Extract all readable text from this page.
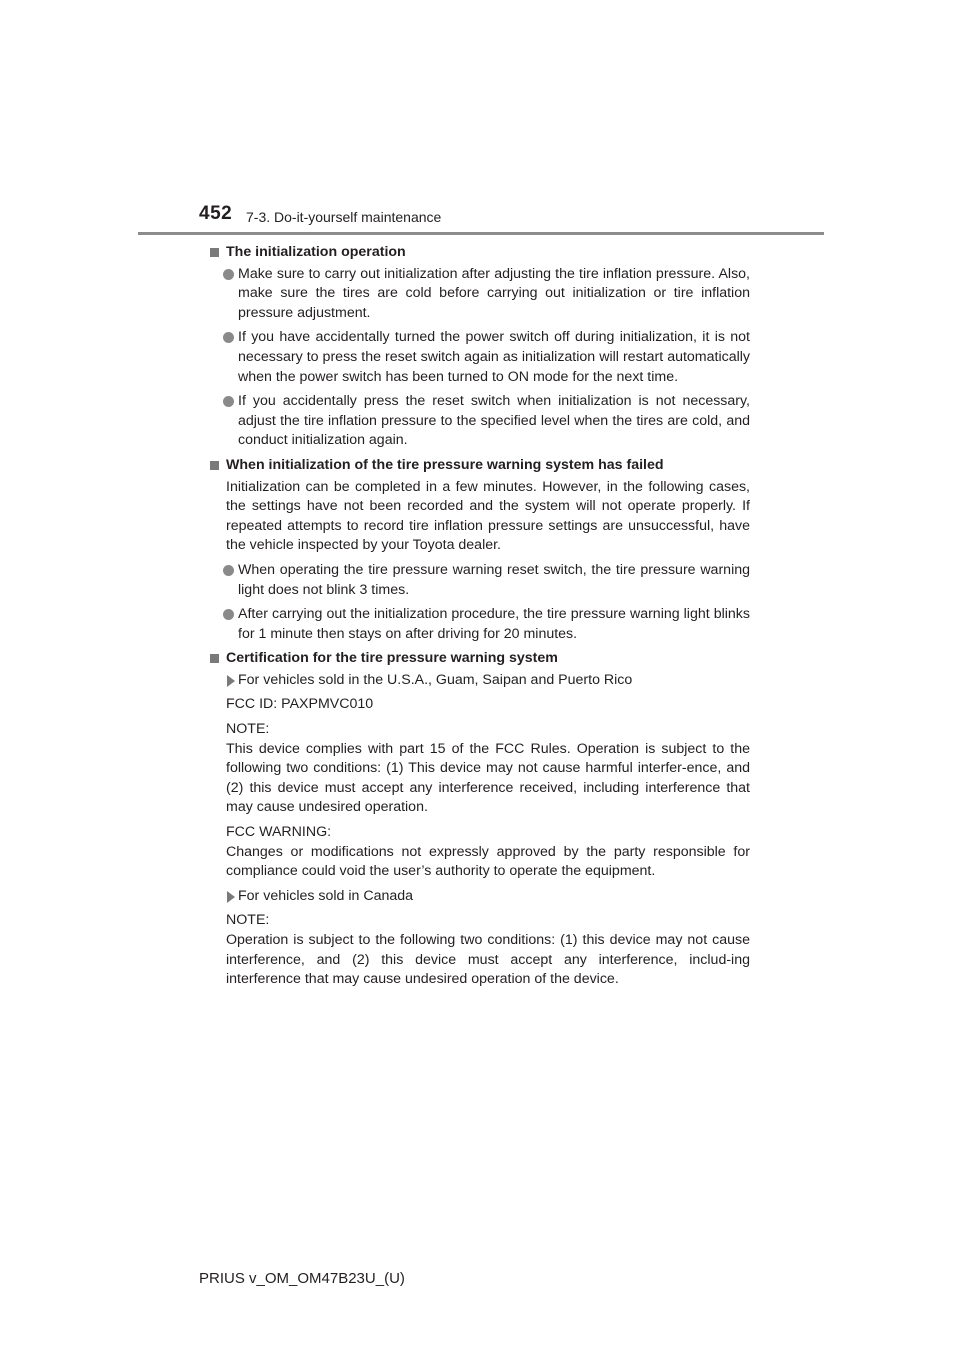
452 7-3. Do-it-yourself maintenance
The initialization operation
Make sure to carry out initialization after adjusting the tire inflation pressure. Also, make sure the tires are cold before carrying out initialization or tire inflation pressure adjustment.
If you have accidentally turned the power switch off during initialization, it is not necessary to press the reset switch again as initialization will restart automatically when the power switch has been turned to ON mode for the next time.
If you accidentally press the reset switch when initialization is not necessary, adjust the tire inflation pressure to the specified level when the tires are cold, and conduct initialization again.
When initialization of the tire pressure warning system has failed
Initialization can be completed in a few minutes. However, in the following cases, the settings have not been recorded and the system will not operate properly. If repeated attempts to record tire inflation pressure settings are unsuccessful, have the vehicle inspected by your Toyota dealer.
When operating the tire pressure warning reset switch, the tire pressure warning light does not blink 3 times.
After carrying out the initialization procedure, the tire pressure warning light blinks for 1 minute then stays on after driving for 20 minutes.
Certification for the tire pressure warning system
For vehicles sold in the U.S.A., Guam, Saipan and Puerto Rico
FCC ID: PAXPMVC010
NOTE:
This device complies with part 15 of the FCC Rules. Operation is subject to the following two conditions: (1) This device may not cause harmful interfer-ence, and (2) this device must accept any interference received, including interference that may cause undesired operation.
FCC WARNING:
Changes or modifications not expressly approved by the party responsible for compliance could void the user’s authority to operate the equipment.
For vehicles sold in Canada
NOTE:
Operation is subject to the following two conditions: (1) this device may not cause interference, and (2) this device must accept any interference, includ-ing interference that may cause undesired operation of the device.
PRIUS v_OM_OM47B23U_(U)
